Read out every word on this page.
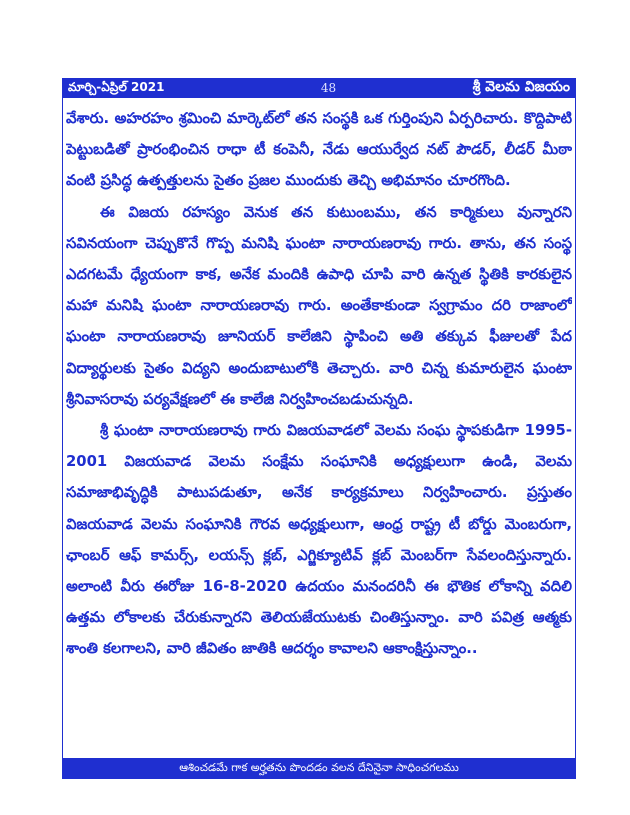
మార్చి-ఏప్రిల్ 2021	48	శ్రీ వెలమ విజయం

వేశారు. అహరహం శ్రమించి మార్కెట్‌లో తన సంస్థకి ఒక గుర్తింపుని ఏర్పరిచారు. కొద్దిపాటి పెట్టుబడితో ప్రారంభించిన రాధా టీ కంపెనీ, నేడు ఆయుర్వేద నట్ పౌడర్, లీడర్ మీఠా వంటి ప్రసిద్ధ ఉత్పత్తులను సైతం ప్రజల ముందుకు తెచ్చి అభిమానం చూరగొంది.

ఈ విజయ రహస్యం వెనుక తన కుటుంబము, తన కార్మికులు వున్నారని సవినయంగా చెప్పుకొనే గొప్ప మనిషి ఘంటా నారాయణరావు గారు. తాను, తన సంస్థ ఎదగటమే ధ్యేయంగా కాక, అనేక మందికి ఉపాధి చూపి వారి ఉన్నత స్థితికి కారకులైన మహా మనిషి ఘంటా నారాయణరావు గారు. అంతేకాకుండా స్వగ్రామం దరి రాజాంలో ఘంటా నారాయణరావు జూనియర్ కాలేజిని స్థాపించి అతి తక్కువ ఫీజులతో పేద విద్యార్థులకు సైతం విద్యని అందుబాటులోకి తెచ్చారు. వారి చిన్న కుమారులైన ఘంటా శ్రీనివాసరావు పర్యవేక్షణలో ఈ కాలేజి నిర్వహించబడుచున్నది.

శ్రీ ఘంటా నారాయణరావు గారు విజయవాడలో వెలమ సంఘ స్థాపకుడిగా 1995-2001 విజయవాడ వెలమ సంక్షేమ సంఘానికి అధ్యక్షులుగా ఉండి, వెలమ సమాజాభివృద్ధికి పాటుపడుతూ, అనేక కార్యక్రమాలు నిర్వహించారు. ప్రస్తుతం విజయవాడ వెలమ సంఘానికి గౌరవ అధ్యక్షులుగా, ఆంధ్ర రాష్ట్ర టీ బోర్డు మెంబరుగా, ఛాంబర్ ఆఫ్ కామర్స్, లయన్స్ క్లబ్, ఎగ్జిక్యూటివ్ క్లబ్ మెంబర్‌గా సేవలందిస్తున్నారు. అలాంటి వీరు ఈరోజు 16-8-2020 ఉదయం మనందరినీ ఈ భౌతిక లోకాన్ని వదిలి ఉత్తమ లోకాలకు చేరుకున్నారని తెలియజేయుటకు చింతిస్తున్నాం. వారి పవిత్ర ఆత్మకు శాంతి కలగాలని, వారి జీవితం జాతికి ఆదర్శం కావాలని ఆకాంక్షిస్తున్నాం..

ఆశించడమే గాక అర్హతను పొందడం వలన దేనినైనా సాధించగలము
